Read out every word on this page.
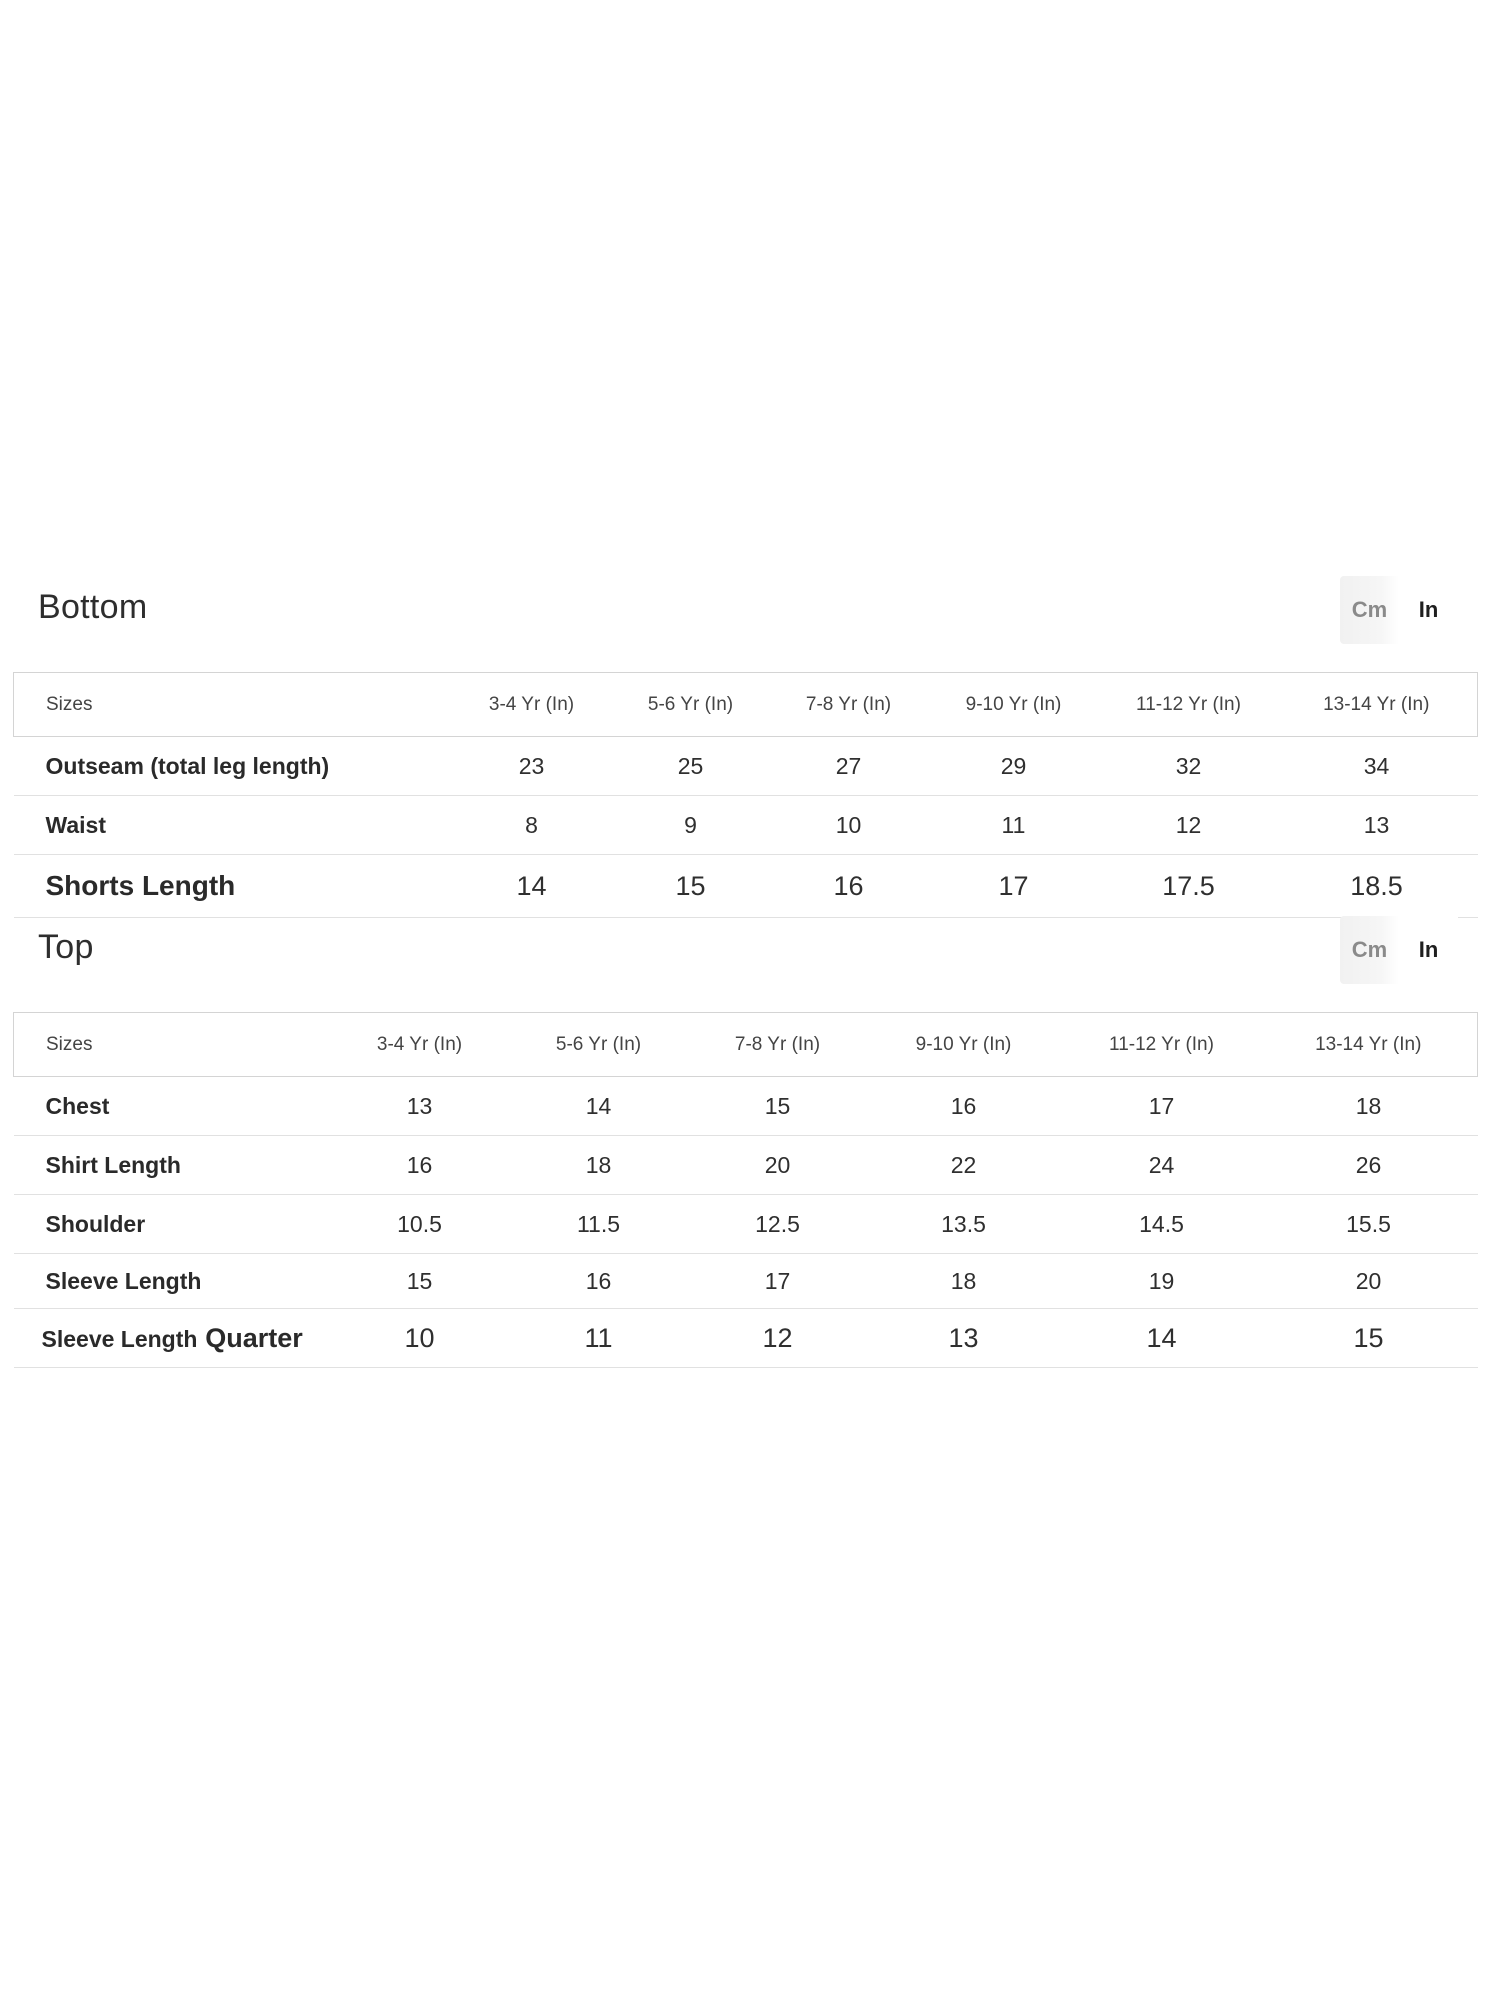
Bottom	Cm	In
Sizes	3-4 Yr (In)	5-6 Yr (In)	7-8 Yr (In)	9-10 Yr (In)	11-12 Yr (In)	13-14 Yr (In)
Outseam (total leg length)	23	25	27	29	32	34
Waist	8	9	10	11	12	13
Shorts Length	14	15	16	17	17.5	18.5
Top	Cm	In
Sizes	3-4 Yr (In)	5-6 Yr (In)	7-8 Yr (In)	9-10 Yr (In)	11-12 Yr (In)	13-14 Yr (In)
Chest	13	14	15	16	17	18
Shirt Length	16	18	20	22	24	26
Shoulder	10.5	11.5	12.5	13.5	14.5	15.5
Sleeve Length	15	16	17	18	19	20
Sleeve Length Quarter	10	11	12	13	14	15
